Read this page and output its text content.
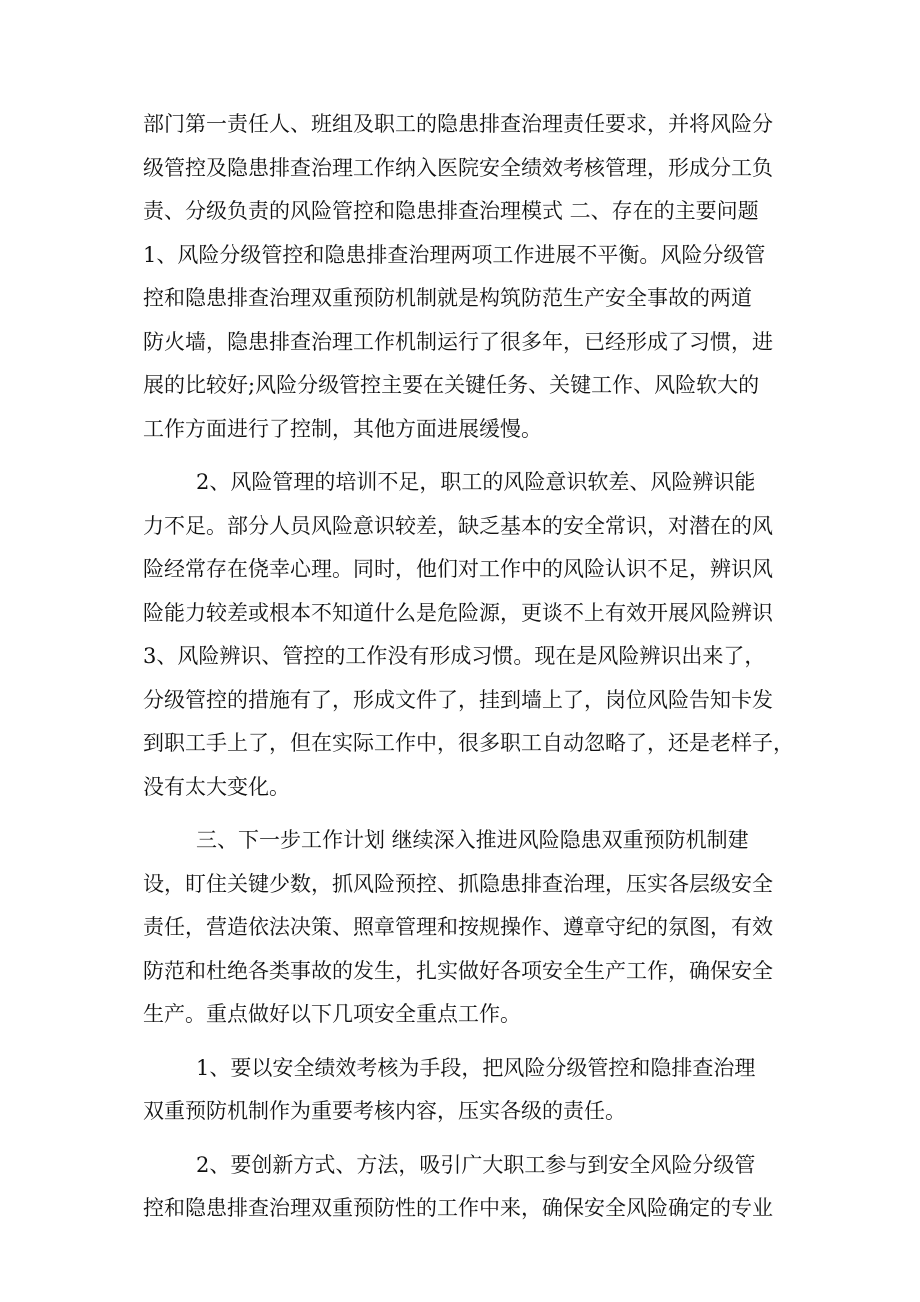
部门第一责任人、班组及职工的隐患排查治理责任要求，并将风险分
级管控及隐患排查治理工作纳入医院安全绩效考核管理，形成分工负
责、分级负责的风险管控和隐患排查治理模式 二、存在的主要问题
1、风险分级管控和隐患排查治理两项工作进展不平衡。风险分级管
控和隐患排查治理双重预防机制就是构筑防范生产安全事故的两道
防火墙，隐患排查治理工作机制运行了很多年，已经形成了习惯，进
展的比较好;风险分级管控主要在关键任务、关键工作、风险软大的
工作方面进行了控制，其他方面进展缓慢。

2、风险管理的培训不足，职工的风险意识软差、风险辨识能
力不足。部分人员风险意识较差，缺乏基本的安全常识，对潜在的风
险经常存在侥幸心理。同时，他们对工作中的风险认识不足，辨识风
险能力较差或根本不知道什么是危险源，更谈不上有效开展风险辨识
3、风险辨识、管控的工作没有形成习惯。现在是风险辨识出来了，
分级管控的措施有了，形成文件了，挂到墙上了，岗位风险告知卡发
到职工手上了，但在实际工作中，很多职工自动忽略了，还是老样子，
没有太大变化。

三、下一步工作计划 继续深入推进风险隐患双重预防机制建
设，盯住关键少数，抓风险预控、抓隐患排查治理，压实各层级安全
责任，营造依法决策、照章管理和按规操作、遵章守纪的氛图，有效
防范和杜绝各类事故的发生，扎实做好各项安全生产工作，确保安全
生产。重点做好以下几项安全重点工作。

1、要以安全绩效考核为手段，把风险分级管控和隐排查治理
双重预防机制作为重要考核内容，压实各级的责任。

2、要创新方式、方法，吸引广大职工参与到安全风险分级管
控和隐患排查治理双重预防性的工作中来，确保安全风险确定的专业
